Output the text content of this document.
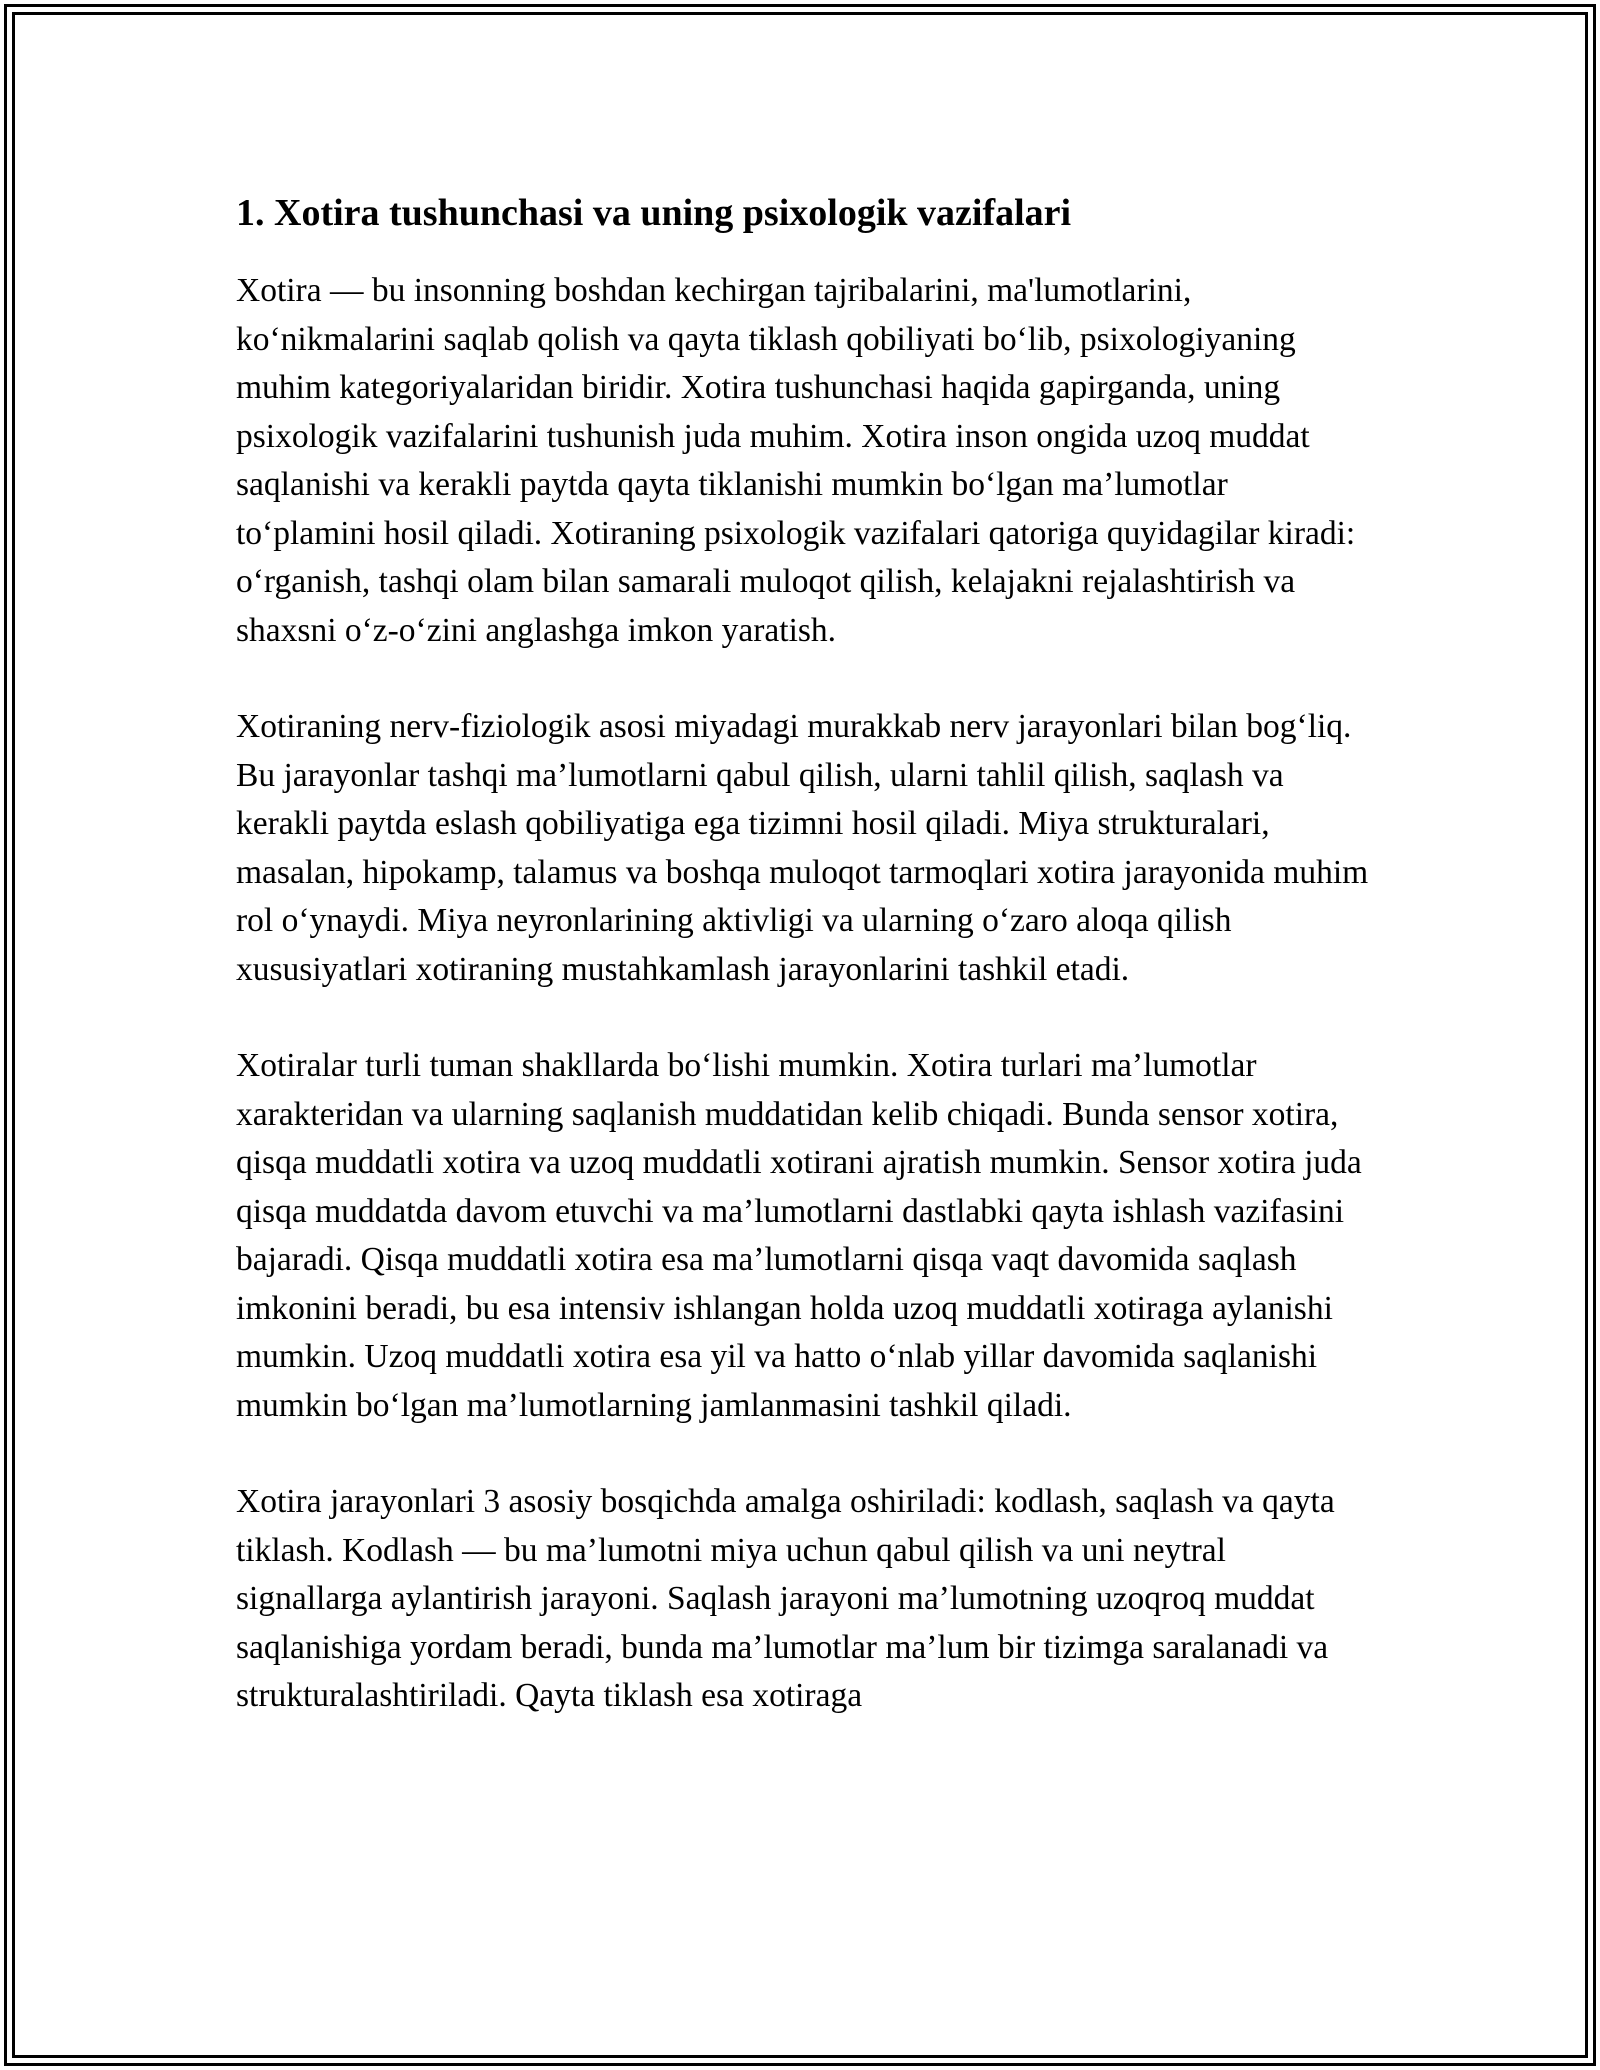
1. Xotira tushunchasi va uning psixologik vazifalari

Xotira — bu insonning boshdan kechirgan tajribalarini, ma'lumotlarini, ko‘nikmalarini saqlab qolish va qayta tiklash qobiliyati bo‘lib, psixologiyaning muhim kategoriyalaridan biridir. Xotira tushunchasi haqida gapirganda, uning psixologik vazifalarini tushunish juda muhim. Xotira inson ongida uzoq muddat saqlanishi va kerakli paytda qayta tiklanishi mumkin bo‘lgan ma’lumotlar to‘plamini hosil qiladi. Xotiraning psixologik vazifalari qatoriga quyidagilar kiradi: o‘rganish, tashqi olam bilan samarali muloqot qilish, kelajakni rejalashtirish va shaxsni o‘z-o‘zini anglashga imkon yaratish.

Xotiraning nerv-fiziologik asosi miyadagi murakkab nerv jarayonlari bilan bog‘liq. Bu jarayonlar tashqi ma’lumotlarni qabul qilish, ularni tahlil qilish, saqlash va kerakli paytda eslash qobiliyatiga ega tizimni hosil qiladi. Miya strukturalari, masalan, hipokamp, talamus va boshqa muloqot tarmoqlari xotira jarayonida muhim rol o‘ynaydi. Miya neyronlarining aktivligi va ularning o‘zaro aloqa qilish xususiyatlari xotiraning mustahkamlash jarayonlarini tashkil etadi.

Xotiralar turli tuman shakllarda bo‘lishi mumkin. Xotira turlari ma’lumotlar xarakteridan va ularning saqlanish muddatidan kelib chiqadi. Bunda sensor xotira, qisqa muddatli xotira va uzoq muddatli xotirani ajratish mumkin. Sensor xotira juda qisqa muddatda davom etuvchi va ma’lumotlarni dastlabki qayta ishlash vazifasini bajaradi. Qisqa muddatli xotira esa ma’lumotlarni qisqa vaqt davomida saqlash imkonini beradi, bu esa intensiv ishlangan holda uzoq muddatli xotiraga aylanishi mumkin. Uzoq muddatli xotira esa yil va hatto o‘nlab yillar davomida saqlanishi mumkin bo‘lgan ma’lumotlarning jamlanmasini tashkil qiladi.

Xotira jarayonlari 3 asosiy bosqichda amalga oshiriladi: kodlash, saqlash va qayta tiklash. Kodlash — bu ma’lumotni miya uchun qabul qilish va uni neytral signallarga aylantirish jarayoni. Saqlash jarayoni ma’lumotning uzoqroq muddat saqlanishiga yordam beradi, bunda ma’lumotlar ma’lum bir tizimga saralanadi va strukturalashtiriladi. Qayta tiklash esa xotiraga
